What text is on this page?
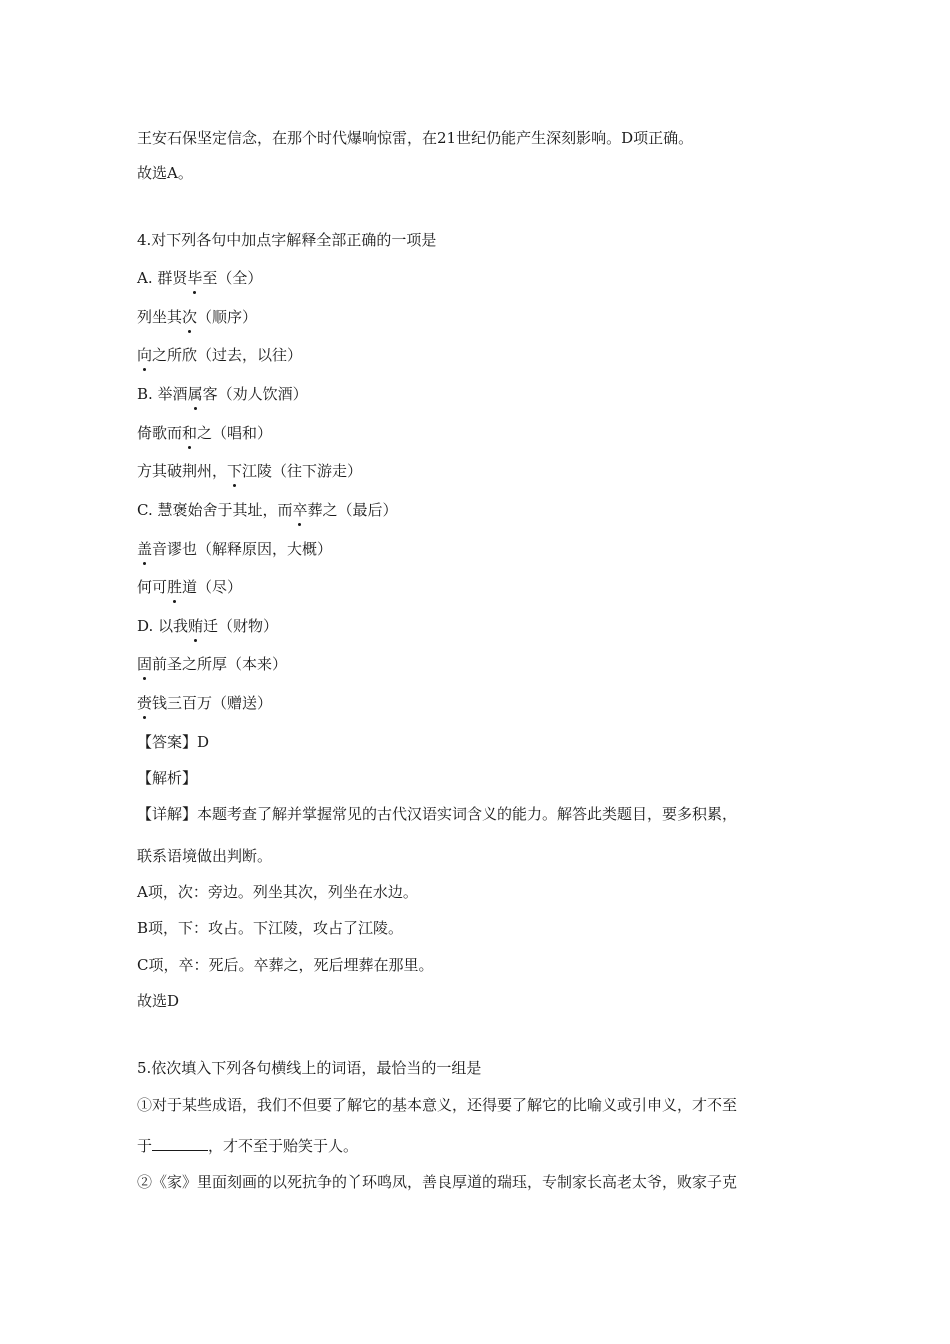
王安石保坚定信念，在那个时代爆响惊雷，在21世纪仍能产生深刻影响。D项正确。
故选A。
4.对下列各句中加点字解释全部正确的一项是
A. 群贤毕至（全）
列坐其次（顺序）
向之所欣（过去，以往）
B. 举酒属客（劝人饮酒）
倚歌而和之（唱和）
方其破荆州，下江陵（往下游走）
C. 慧褒始舍于其址，而卒葬之（最后）
盖音谬也（解释原因，大概）
何可胜道（尽）
D. 以我贿迁（财物）
固前圣之所厚（本来）
赍钱三百万（赠送）
【答案】D
【解析】
【详解】本题考查了解并掌握常见的古代汉语实词含义的能力。解答此类题目，要多积累，
联系语境做出判断。
A项，次：旁边。列坐其次，列坐在水边。
B项，下：攻占。下江陵，攻占了江陵。
C项，卒：死后。卒葬之，死后埋葬在那里。
故选D
5.依次填入下列各句横线上的词语，最恰当的一组是
①对于某些成语，我们不但要了解它的基本意义，还得要了解它的比喻义或引申义，才不至
于	，才不至于贻笑于人。
②《家》里面刻画的以死抗争的丫环鸣凤，善良厚道的瑞珏，专制家长高老太爷，败家子克
